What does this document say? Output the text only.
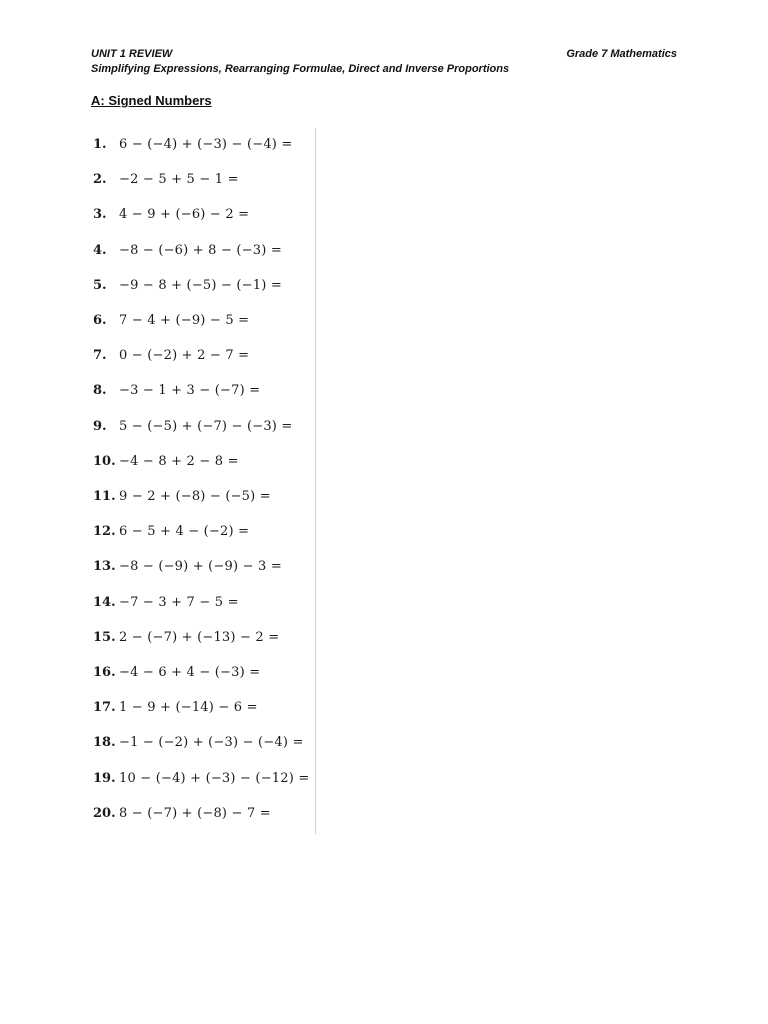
UNIT 1 REVIEW
Simplifying Expressions, Rearranging Formulae, Direct and Inverse Proportions
Grade 7 Mathematics
A: Signed Numbers
1. 6 − (−4) + (−3) − (−4) =
2. −2 − 5 + 5 − 1 =
3. 4 − 9 + (−6) − 2 =
4. −8 − (−6) + 8 − (−3) =
5. −9 − 8 + (−5) − (−1) =
6. 7 − 4 + (−9) − 5 =
7. 0 − (−2) + 2 − 7 =
8. −3 − 1 + 3 − (−7) =
9. 5 − (−5) + (−7) − (−3) =
10. −4 − 8 + 2 − 8 =
11. 9 − 2 + (−8) − (−5) =
12. 6 − 5 + 4 − (−2) =
13. −8 − (−9) + (−9) − 3 =
14. −7 − 3 + 7 − 5 =
15. 2 − (−7) + (−13) − 2 =
16. −4 − 6 + 4 − (−3) =
17. 1 − 9 + (−14) − 6 =
18. −1 − (−2) + (−3) − (−4) =
19. 10 − (−4) + (−3) − (−12) =
20. 8 − (−7) + (−8) − 7 =
